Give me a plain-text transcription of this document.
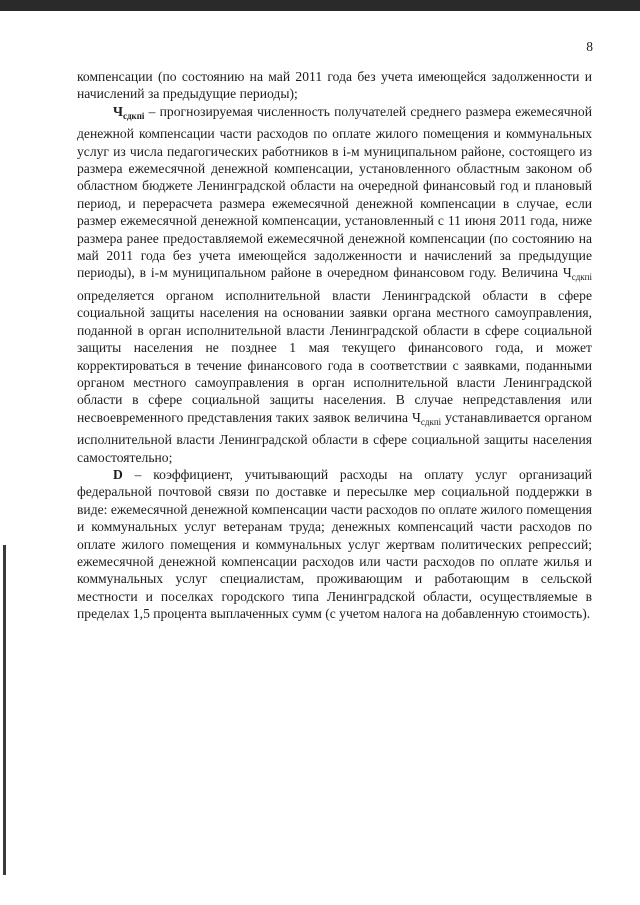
8

компенсации (по состоянию на май 2011 года без учета имеющейся задолженности и начислений за предыдущие периоды);

$Ч_{сдкпi}$ – прогнозируемая численность получателей среднего размера ежемесячной денежной компенсации части расходов по оплате жилого помещения и коммунальных услуг из числа педагогических работников в i-м муниципальном районе, состоящего из размера ежемесячной денежной компенсации, установленного областным законом об областном бюджете Ленинградской области на очередной финансовый год и плановый период, и перерасчета размера ежемесячной денежной компенсации в случае, если размер ежемесячной денежной компенсации, установленный с 11 июня 2011 года, ниже размера ранее предоставляемой ежемесячной денежной компенсации (по состоянию на май 2011 года без учета имеющейся задолженности и начислений за предыдущие периоды), в i-м муниципальном районе в очередном финансовом году. Величина $Ч_{сдкпi}$ определяется органом исполнительной власти Ленинградской области в сфере социальной защиты населения на основании заявки органа местного самоуправления, поданной в орган исполнительной власти Ленинградской области в сфере социальной защиты населения не позднее 1 мая текущего финансового года, и может корректироваться в течение финансового года в соответствии с заявками, поданными органом местного самоуправления в орган исполнительной власти Ленинградской области в сфере социальной защиты населения. В случае непредставления или несвоевременного представления таких заявок величина $Ч_{сдкпi}$ устанавливается органом исполнительной власти Ленинградской области в сфере социальной защиты населения самостоятельно;

D – коэффициент, учитывающий расходы на оплату услуг организаций федеральной почтовой связи по доставке и пересылке мер социальной поддержки в виде: ежемесячной денежной компенсации части расходов по оплате жилого помещения и коммунальных услуг ветеранам труда; денежных компенсаций части расходов по оплате жилого помещения и коммунальных услуг жертвам политических репрессий; ежемесячной денежной компенсации расходов или части расходов по оплате жилья и коммунальных услуг специалистам, проживающим и работающим в сельской местности и поселках городского типа Ленинградской области, осуществляемые в пределах 1,5 процента выплаченных сумм (с учетом налога на добавленную стоимость).
